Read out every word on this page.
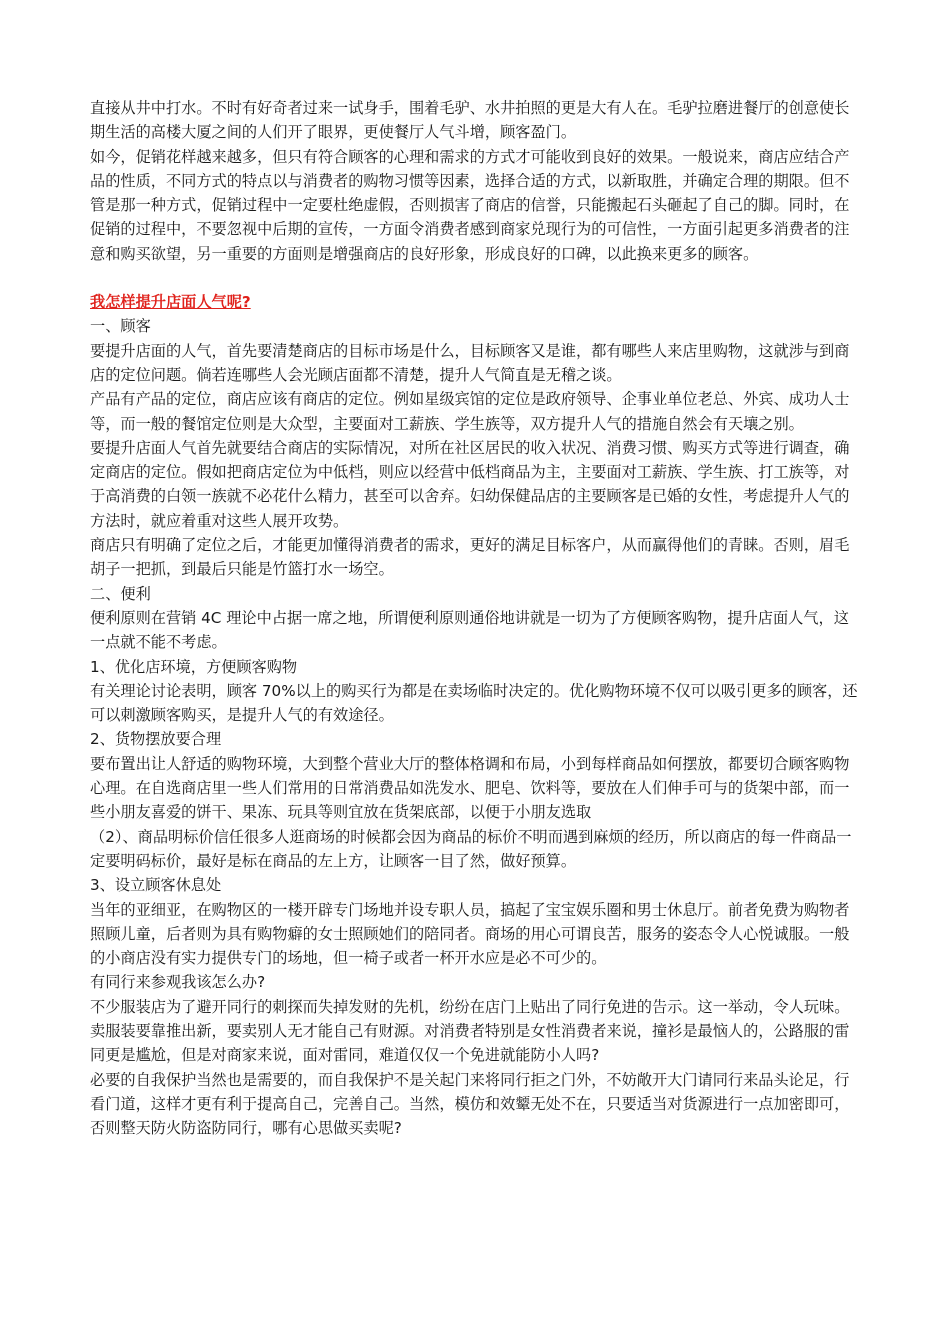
直接从井中打水。不时有好奇者过来一试身手，围着毛驴、水井拍照的更是大有人在。毛驴拉磨进餐厅的创意使长期生活的高楼大厦之间的人们开了眼界，更使餐厅人气斗增，顾客盈门。

如今，促销花样越来越多，但只有符合顾客的心理和需求的方式才可能收到良好的效果。一般说来，商店应结合产品的性质，不同方式的特点以与消费者的购物习惯等因素，选择合适的方式，以新取胜，并确定合理的期限。但不管是那一种方式，促销过程中一定要杜绝虚假，否则损害了商店的信誉，只能搬起石头砸起了自己的脚。同时，在促销的过程中，不要忽视中后期的宣传，一方面令消费者感到商家兑现行为的可信性，一方面引起更多消费者的注意和购买欲望，另一重要的方面则是增强商店的良好形象，形成良好的口碑，以此换来更多的顾客。

我怎样提升店面人气呢?

一、顾客

要提升店面的人气，首先要清楚商店的目标市场是什么，目标顾客又是谁，都有哪些人来店里购物，这就涉与到商店的定位问题。倘若连哪些人会光顾店面都不清楚，提升人气简直是无稽之谈。

产品有产品的定位，商店应该有商店的定位。例如星级宾馆的定位是政府领导、企事业单位老总、外宾、成功人士等，而一般的餐馆定位则是大众型，主要面对工薪族、学生族等，双方提升人气的措施自然会有天壤之别。

要提升店面人气首先就要结合商店的实际情况，对所在社区居民的收入状况、消费习惯、购买方式等进行调查，确定商店的定位。假如把商店定位为中低档，则应以经营中低档商品为主，主要面对工薪族、学生族、打工族等，对于高消费的白领一族就不必花什么精力，甚至可以舍弃。妇幼保健品店的主要顾客是已婚的女性，考虑提升人气的方法时，就应着重对这些人展开攻势。

商店只有明确了定位之后，才能更加懂得消费者的需求，更好的满足目标客户，从而赢得他们的青睐。否则，眉毛胡子一把抓，到最后只能是竹篮打水一场空。

二、便利

便利原则在营销 4C 理论中占据一席之地，所谓便利原则通俗地讲就是一切为了方便顾客购物，提升店面人气，这一点就不能不考虑。

1、优化店环境，方便顾客购物

有关理论讨论表明，顾客 70%以上的购买行为都是在卖场临时决定的。优化购物环境不仅可以吸引更多的顾客，还可以刺激顾客购买，是提升人气的有效途径。

2、货物摆放要合理

要布置出让人舒适的购物环境，大到整个营业大厅的整体格调和布局，小到每样商品如何摆放，都要切合顾客购物心理。在自选商店里一些人们常用的日常消费品如洗发水、肥皂、饮料等，要放在人们伸手可与的货架中部，而一些小朋友喜爱的饼干、果冻、玩具等则宜放在货架底部，以便于小朋友选取

（2）、商品明标价信任很多人逛商场的时候都会因为商品的标价不明而遇到麻烦的经历，所以商店的每一件商品一定要明码标价，最好是标在商品的左上方，让顾客一目了然，做好预算。

3、设立顾客休息处

当年的亚细亚，在购物区的一楼开辟专门场地并设专职人员，搞起了宝宝娱乐圈和男士休息厅。前者免费为购物者照顾儿童，后者则为具有购物癖的女士照顾她们的陪同者。商场的用心可谓良苦，服务的姿态令人心悦诚服。一般的小商店没有实力提供专门的场地，但一椅子或者一杯开水应是必不可少的。

有同行来参观我该怎么办?

不少服装店为了避开同行的刺探而失掉发财的先机，纷纷在店门上贴出了同行免进的告示。这一举动，令人玩味。

卖服装要靠推出新，要卖别人无才能自己有财源。对消费者特别是女性消费者来说，撞衫是最恼人的，公路服的雷同更是尴尬，但是对商家来说，面对雷同，难道仅仅一个免进就能防小人吗?

必要的自我保护当然也是需要的，而自我保护不是关起门来将同行拒之门外，不妨敞开大门请同行来品头论足，行看门道，这样才更有利于提高自己，完善自己。当然，模仿和效颦无处不在，只要适当对货源进行一点加密即可，否则整天防火防盗防同行，哪有心思做买卖呢?
